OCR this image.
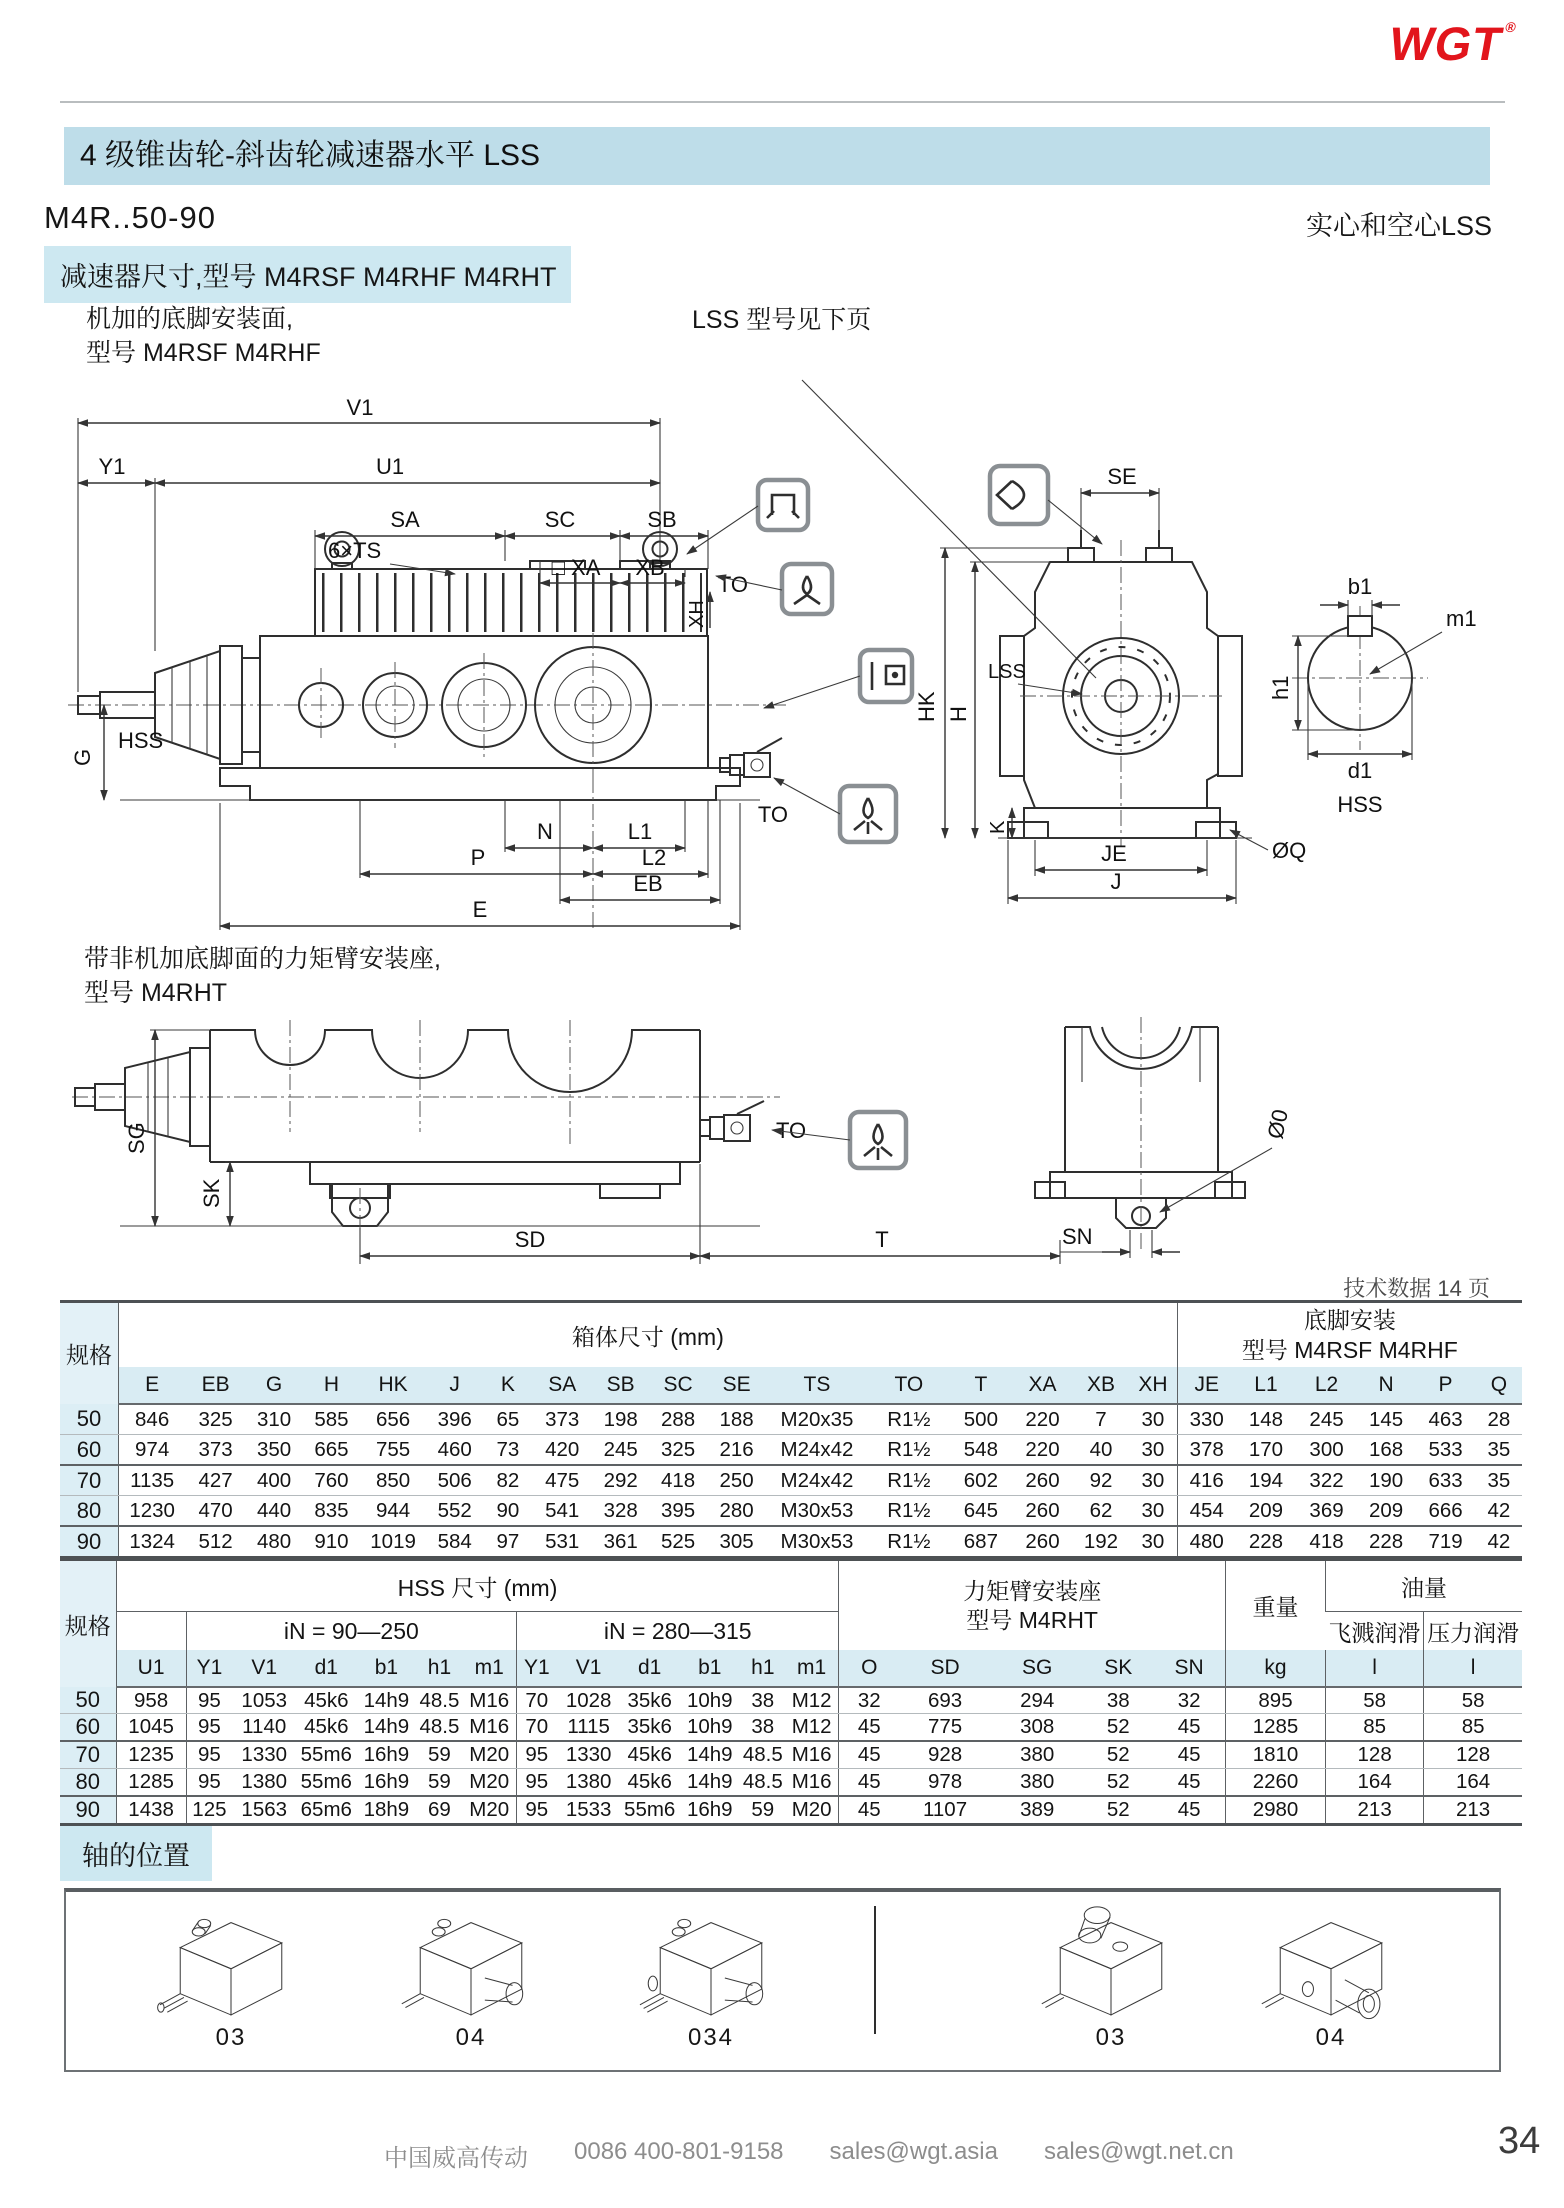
WGT®
4 级锥齿轮-斜齿轮减速器水平 LSS
M4R..50-90	实心和空心LSS
减速器尺寸,型号 M4RSF M4RHF M4RHT
机加的底脚安装面,
型号 M4RSF M4RHF
LSS 型号见下页
V1
Y1	U1
SA	SC	SB
□ XA XB
XH
6×TS
HSS
G
N	L1
P	L2
EB
E
TO
TO
SE
HK H
LSS
K
JE
J
ØQ
b1
h1
m1
d1
HSS
带非机加底脚面的力矩臂安装座,
型号 M4RHT
SG
SK
SD	T
TO	Ø0
SN
技术数据 14 页
规格	箱体尺寸 (mm)																	底脚安装
型号 M4RSF M4RHF					

	E	EB	G	H	HK	J	K	SA	SB	SC	SE	TS	TO	T	XA	XB	XH	JE	L1	L2	N	P	Q
50	846	325	310	585	656	396	65	373	198	288	188	M20x35	R1½	500	220	7	30	330	148	245	145	463	28
60	974	373	350	665	755	460	73	420	245	325	216	M24x42	R1½	548	220	40	30	378	170	300	168	533	35
70	1135	427	400	760	850	506	82	475	292	418	250	M24x42	R1½	602	260	92	30	416	194	322	190	633	35
80	1230	470	440	835	944	552	90	541	328	395	280	M30x53	R1½	645	260	62	30	454	209	369	209	666	42
90	1324	512	480	910	1019	584	97	531	361	525	305	M30x53	R1½	687	260	192	30	480	228	418	228	719	42
规格	HSS 尺寸 (mm)													力矩臂安装座
型号 M4RHT					重量	油量	
		iN = 90—250						iN = 280—315												飞溅润滑	压力润滑
	U1	Y1	V1	d1	b1	h1	m1	Y1	V1	d1	b1	h1	m1	O	SD	SG	SK	SN	kg	l	l
50	958	95	1053	45k6	14h9	48.5	M16	70	1028	35k6	10h9	38	M12	32	693	294	38	32	895	58	58
60	1045	95	1140	45k6	14h9	48.5	M16	70	1115	35k6	10h9	38	M12	45	775	308	52	45	1285	85	85
70	1235	95	1330	55m6	16h9	59	M20	95	1330	45k6	14h9	48.5	M16	45	928	380	52	45	1810	128	128
80	1285	95	1380	55m6	16h9	59	M20	95	1380	45k6	14h9	48.5	M16	45	978	380	52	45	2260	164	164
90	1438	125	1563	65m6	18h9	69	M20	95	1533	55m6	16h9	59	M20	45	1107	389	52	45	2980	213	213
轴的位置
03	04	034	03	04
中国威高传动 0086 400-801-9158 sales@wgt.asia sales@wgt.net.cn	34
